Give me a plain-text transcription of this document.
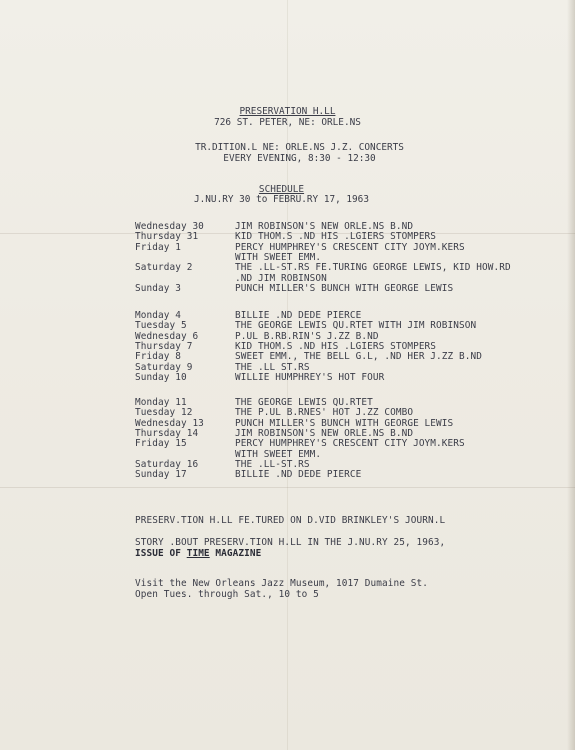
PRESERVATION H.LL
726 ST. PETER, NE: ORLE.NS
TR.DITION.L NE: ORLE.NS J.Z. CONCERTS
EVERY EVENING, 8:30 - 12:30
SCHEDULE
J.NU.RY 30 to FEBRU.RY 17, 1963
Wednesday 30	JIM ROBINSON'S NEW ORLE.NS B.ND
Thursday 31	KID THOM.S .ND HIS .LGIERS STOMPERS
Friday 1	PERCY HUMPHREY'S CRESCENT CITY JOYM.KERS
WITH SWEET EMM.
Saturday 2	THE .LL-ST.RS FE.TURING GEORGE LEWIS, KID HOW.RD
.ND JIM ROBINSON
Sunday 3	PUNCH MILLER'S BUNCH WITH GEORGE LEWIS
Monday 4	BILLIE .ND DEDE PIERCE
Tuesday 5	THE GEORGE LEWIS QU.RTET WITH JIM ROBINSON
Wednesday 6	P.UL B.RB.RIN'S J.ZZ B.ND
Thursday 7	KID THOM.S .ND HIS .LGIERS STOMPERS
Friday 8	SWEET EMM., THE BELL G.L, .ND HER J.ZZ B.ND
Saturday 9	THE .LL ST.RS
Sunday 10	WILLIE HUMPHREY'S HOT FOUR
Monday 11	THE GEORGE LEWIS QU.RTET
Tuesday 12	THE P.UL B.RNES' HOT J.ZZ COMBO
Wednesday 13	PUNCH MILLER'S BUNCH WITH GEORGE LEWIS
Thursday 14	JIM ROBINSON'S NEW ORLE.NS B.ND
Friday 15	PERCY HUMPHREY'S CRESCENT CITY JOYM.KERS
WITH SWEET EMM.
Saturday 16	THE .LL-ST.RS
Sunday 17	BILLIE .ND DEDE PIERCE
PRESERV.TION H.LL FE.TURED ON D.VID BRINKLEY'S JOURN.L
STORY .BOUT PRESERV.TION H.LL IN THE J.NU.RY 25, 1963,
ISSUE OF TIME MAGAZINE
Visit the New Orleans Jazz Museum, 1017 Dumaine St.
Open Tues. through Sat., 10 to 5
